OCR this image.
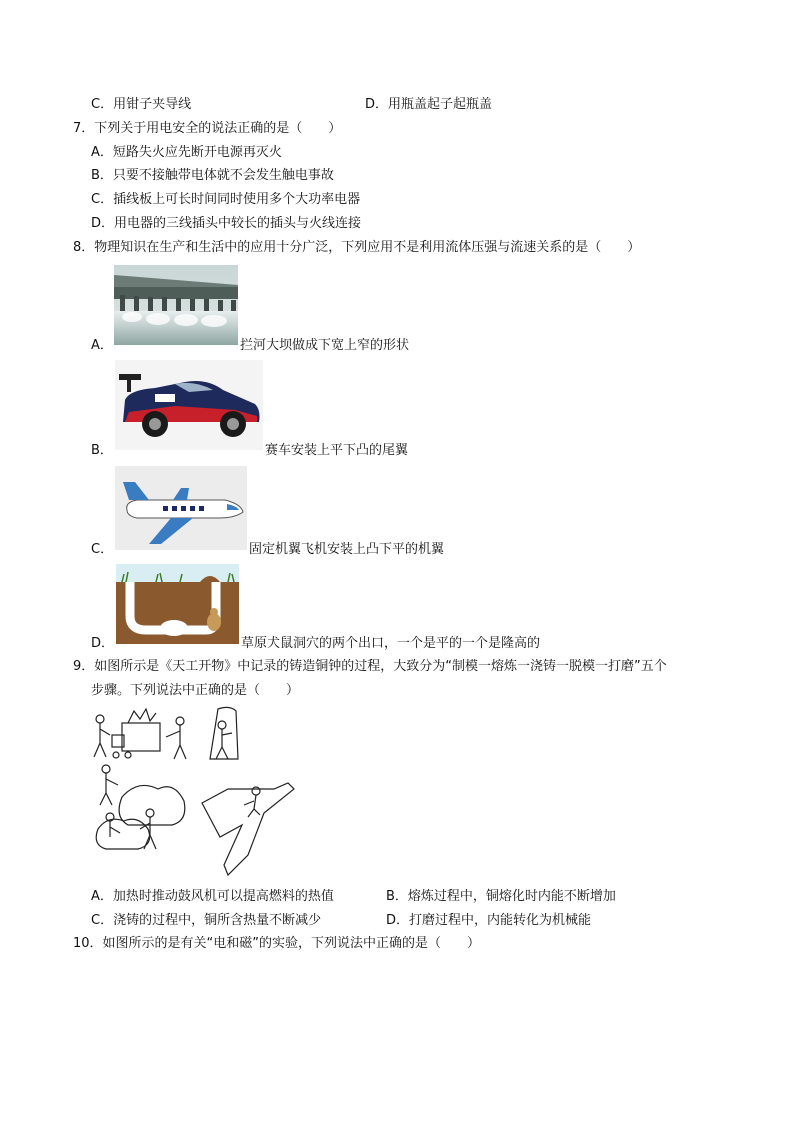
C．用钳子夹导线	D．用瓶盖起子起瓶盖
7．下列关于用电安全的说法正确的是（　　）
A．短路失火应先断开电源再灭火
B．只要不接触带电体就不会发生触电事故
C．插线板上可长时间同时使用多个大功率电器
D．用电器的三线插头中较长的插头与火线连接
8．物理知识在生产和生活中的应用十分广泛，下列应用不是利用流体压强与流速关系的是（　　）
A．	拦河大坝做成下宽上窄的形状
B．	赛车安装上平下凸的尾翼
C．	固定机翼飞机安装上凸下平的机翼
D．	草原犬鼠洞穴的两个出口，一个是平的一个是隆高的
9．如图所示是《天工开物》中记录的铸造铜钟的过程，大致分为“制模一熔炼一浇铸一脱模一打磨”五个
步骤。下列说法中正确的是（　　）
A．加热时推动鼓风机可以提高燃料的热值	B．熔炼过程中，铜熔化时内能不断增加
C．浇铸的过程中，铜所含热量不断减少	D．打磨过程中，内能转化为机械能
10．如图所示的是有关“电和磁”的实验，下列说法中正确的是（　　）
